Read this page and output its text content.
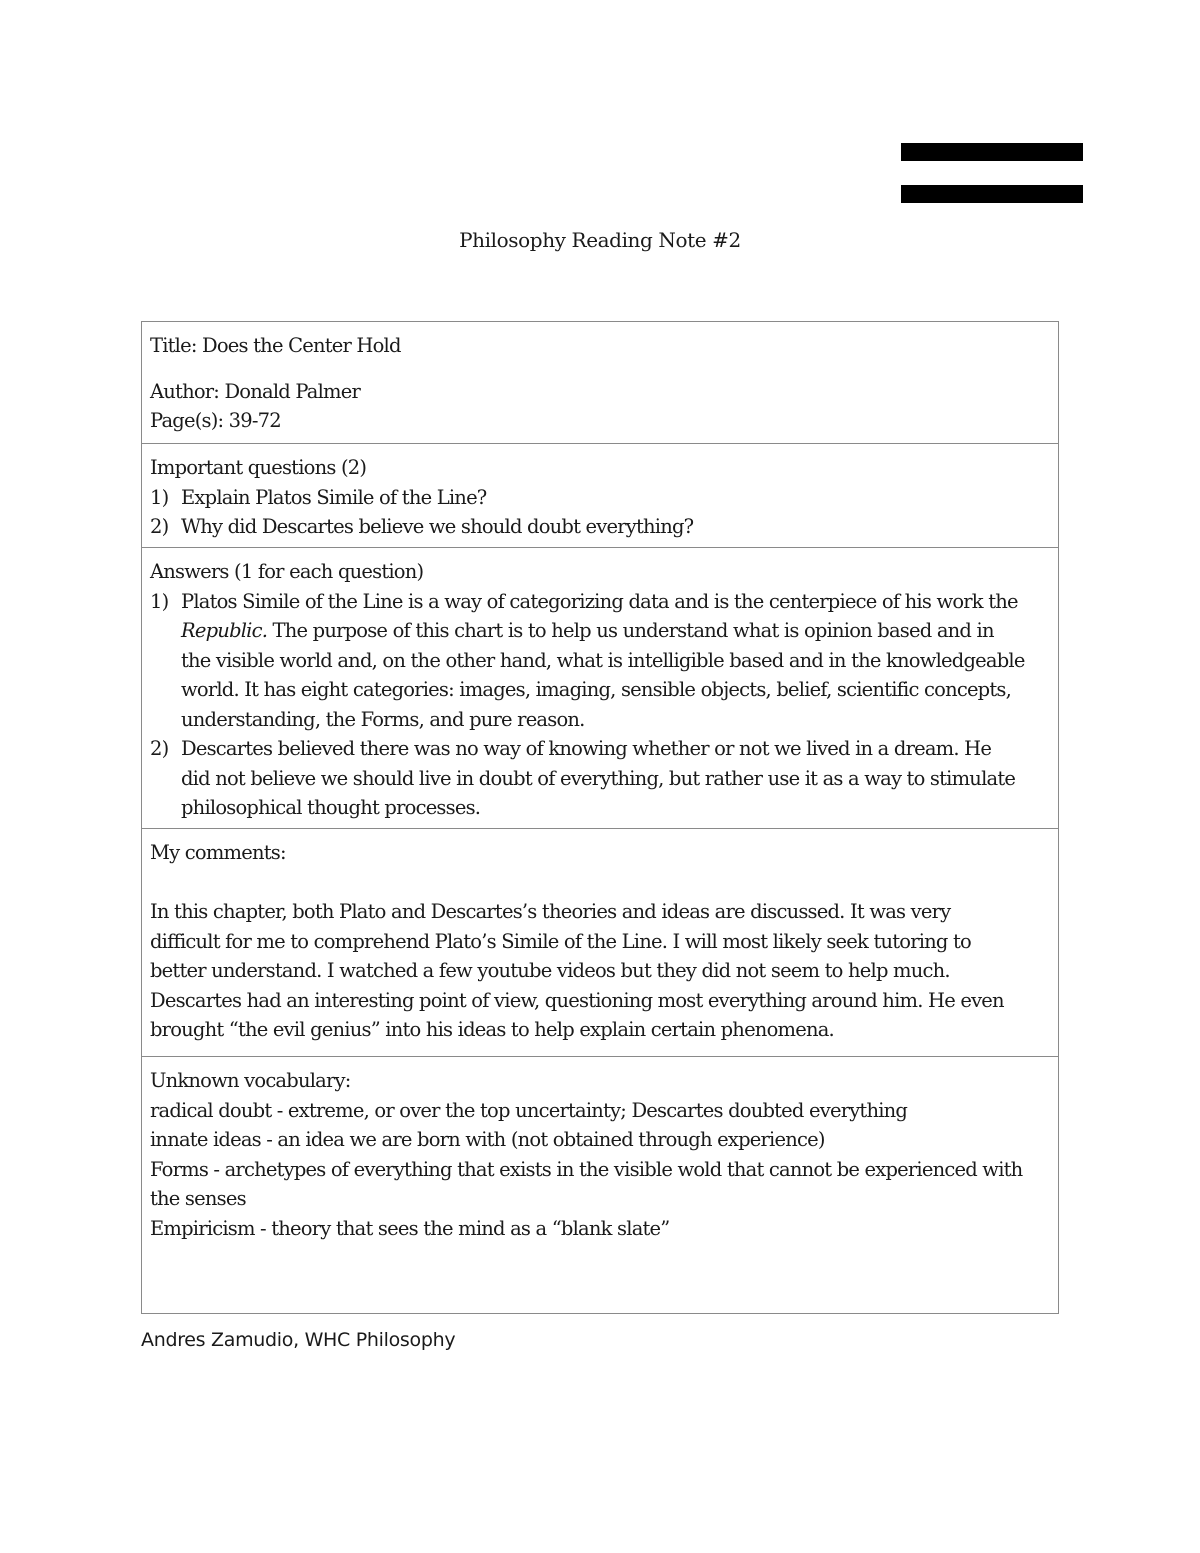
Philosophy Reading Note #2
Title: Does the Center Hold
Author: Donald Palmer
Page(s): 39-72
Important questions (2)
1) Explain Platos Simile of the Line?
2) Why did Descartes believe we should doubt everything?
Answers (1 for each question)
1) Platos Simile of the Line is a way of categorizing data and is the centerpiece of his work the
Republic. The purpose of this chart is to help us understand what is opinion based and in
the visible world and, on the other hand, what is intelligible based and in the knowledgeable
world. It has eight categories: images, imaging, sensible objects, belief, scientific concepts,
understanding, the Forms, and pure reason.
2) Descartes believed there was no way of knowing whether or not we lived in a dream. He
did not believe we should live in doubt of everything, but rather use it as a way to stimulate
philosophical thought processes.
My comments:
In this chapter, both Plato and Descartes’s theories and ideas are discussed. It was very
difficult for me to comprehend Plato’s Simile of the Line. I will most likely seek tutoring to
better understand. I watched a few youtube videos but they did not seem to help much.
Descartes had an interesting point of view, questioning most everything around him. He even
brought “the evil genius” into his ideas to help explain certain phenomena.
Unknown vocabulary:
radical doubt - extreme, or over the top uncertainty; Descartes doubted everything
innate ideas - an idea we are born with (not obtained through experience)
Forms - archetypes of everything that exists in the visible wold that cannot be experienced with
the senses
Empiricism - theory that sees the mind as a “blank slate”
Andres Zamudio, WHC Philosophy
